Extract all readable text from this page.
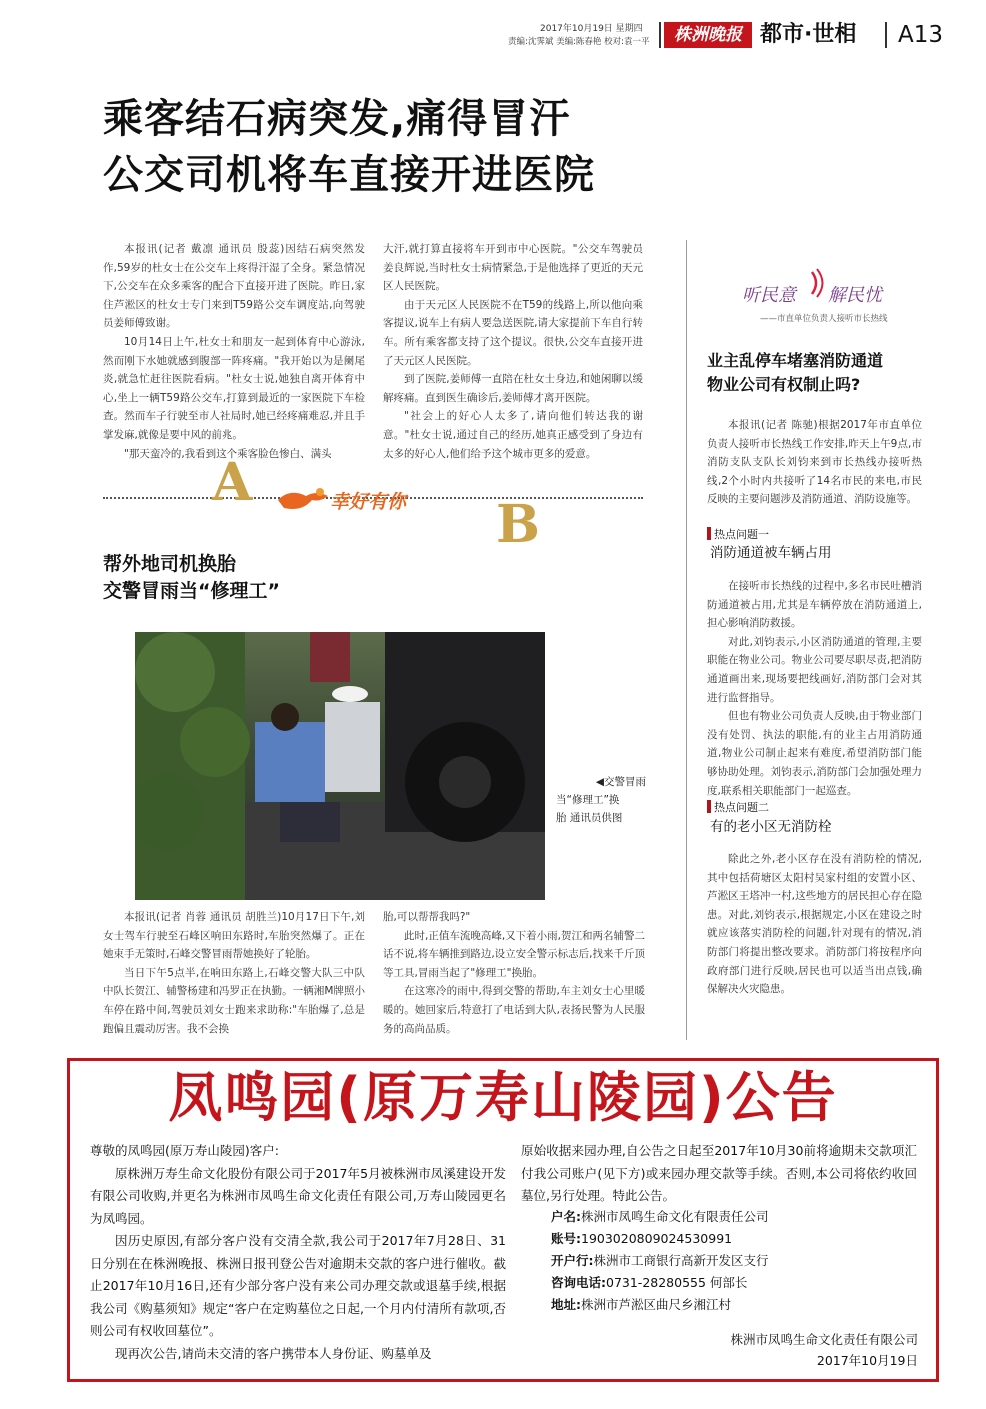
2017年10月19日 星期四
责编:沈霁斌 美编:陈春艳 校对:袁一平	株洲晚报 都市·世相 A13
乘客结石病突发,痛得冒汗
公交司机将车直接开进医院

本报讯(记者 戴凛 通讯员 殷蕊)因结石病突然发作,59岁的杜女士在公交车上疼得汗湿了全身。紧急情况下,公交车在众多乘客的配合下直接开进了医院。昨日,家住芦淞区的杜女士专门来到T59路公交车调度站,向驾驶员姜师傅致谢。

10月14日上午,杜女士和朋友一起到体育中心游泳,然而刚下水她就感到腹部一阵疼痛。"我开始以为是阑尾炎,就急忙赶往医院看病。"杜女士说,她独自离开体育中心,坐上一辆T59路公交车,打算到最近的一家医院下车检查。然而车子行驶至市人社局时,她已经疼痛难忍,并且手掌发麻,就像是要中风的前兆。

"那天蛮冷的,我看到这个乘客脸色惨白、满头

大汗,就打算直接将车开到市中心医院。"公交车驾驶员姜良辉说,当时杜女士病情紧急,于是他选择了更近的天元区人民医院。

由于天元区人民医院不在T59的线路上,所以他向乘客提议,说车上有病人要急送医院,请大家提前下车自行转车。所有乘客都支持了这个提议。很快,公交车直接开进了天元区人民医院。

到了医院,姜师傅一直陪在杜女士身边,和她闲聊以缓解疼痛。直到医生确诊后,姜师傅才离开医院。

"社会上的好心人太多了,请向他们转达我的谢意。"杜女士说,通过自己的经历,她真正感受到了身边有太多的好心人,他们给予这个城市更多的爱意。

A
B
幸好有你
帮外地司机换胎
交警冒雨当“修理工”
◀交警冒雨
当“修理工”换
胎 通讯员供图

本报讯(记者 肖蓉 通讯员 胡胜兰)10月17日下午,刘女士驾车行驶至石峰区响田东路时,车胎突然爆了。正在她束手无策时,石峰交警冒雨帮她换好了轮胎。

当日下午5点半,在响田东路上,石峰交警大队三中队中队长贺江、辅警杨建和冯罗正在执勤。一辆湘M牌照小车停在路中间,驾驶员刘女士跑来求助称:"车胎爆了,总是跑偏且震动厉害。我不会换

胎,可以帮帮我吗?"

此时,正值车流晚高峰,又下着小雨,贺江和两名辅警二话不说,将车辆推到路边,设立安全警示标志后,找来千斤顶等工具,冒雨当起了"修理工"换胎。

在这寒冷的雨中,得到交警的帮助,车主刘女士心里暖暖的。她回家后,特意打了电话到大队,表扬民警为人民服务的高尚品质。

听民意 解民忧
——市直单位负责人接听市长热线
业主乱停车堵塞消防通道
物业公司有权制止吗?

本报讯(记者 陈驰)根据2017年市直单位负责人接听市长热线工作安排,昨天上午9点,市消防支队支队长刘钧来到市长热线办接听热线,2个小时内共接听了14名市民的来电,市民反映的主要问题涉及消防通道、消防设施等。

热点问题一
消防通道被车辆占用

在接听市长热线的过程中,多名市民吐槽消防通道被占用,尤其是车辆停放在消防通道上,担心影响消防救援。

对此,刘钧表示,小区消防通道的管理,主要职能在物业公司。物业公司要尽职尽责,把消防通道画出来,现场要把线画好,消防部门会对其进行监督指导。

但也有物业公司负责人反映,由于物业部门没有处罚、执法的职能,有的业主占用消防通道,物业公司制止起来有难度,希望消防部门能够协助处理。刘钧表示,消防部门会加强处理力度,联系相关职能部门一起巡查。

热点问题二
有的老小区无消防栓

除此之外,老小区存在没有消防栓的情况,其中包括荷塘区太阳村吴家村组的安置小区、芦淞区王塔冲一村,这些地方的居民担心存在隐患。对此,刘钧表示,根据规定,小区在建设之时就应该落实消防栓的问题,针对现有的情况,消防部门将提出整改要求。消防部门将按程序向政府部门进行反映,居民也可以适当出点钱,确保解决火灾隐患。

凤鸣园(原万寿山陵园)公告
尊敬的凤鸣园(原万寿山陵园)客户:

原株洲万寿生命文化股份有限公司于2017年5月被株洲市凤溪建设开发有限公司收购,并更名为株洲市凤鸣生命文化责任有限公司,万寿山陵园更名为凤鸣园。

因历史原因,有部分客户没有交清全款,我公司于2017年7月28日、31日分别在在株洲晚报、株洲日报刊登公告对逾期未交款的客户进行催收。截止2017年10月16日,还有少部分客户没有来公司办理交款或退墓手续,根据我公司《购墓须知》规定“客户在定购墓位之日起,一个月内付清所有款项,否则公司有权收回墓位”。

现再次公告,请尚未交清的客户携带本人身份证、购墓单及

原始收据来园办理,自公告之日起至2017年10月30前将逾期未交款项汇付我公司账户(见下方)或来园办理交款等手续。否则,本公司将依约收回墓位,另行处理。特此公告。
户名:株洲市凤鸣生命文化有限责任公司
账号:1903020809024530991
开户行:株洲市工商银行高新开发区支行
咨询电话:0731-28280555 何部长
地址:株洲市芦淞区曲尺乡湘江村
株洲市凤鸣生命文化责任有限公司
2017年10月19日
